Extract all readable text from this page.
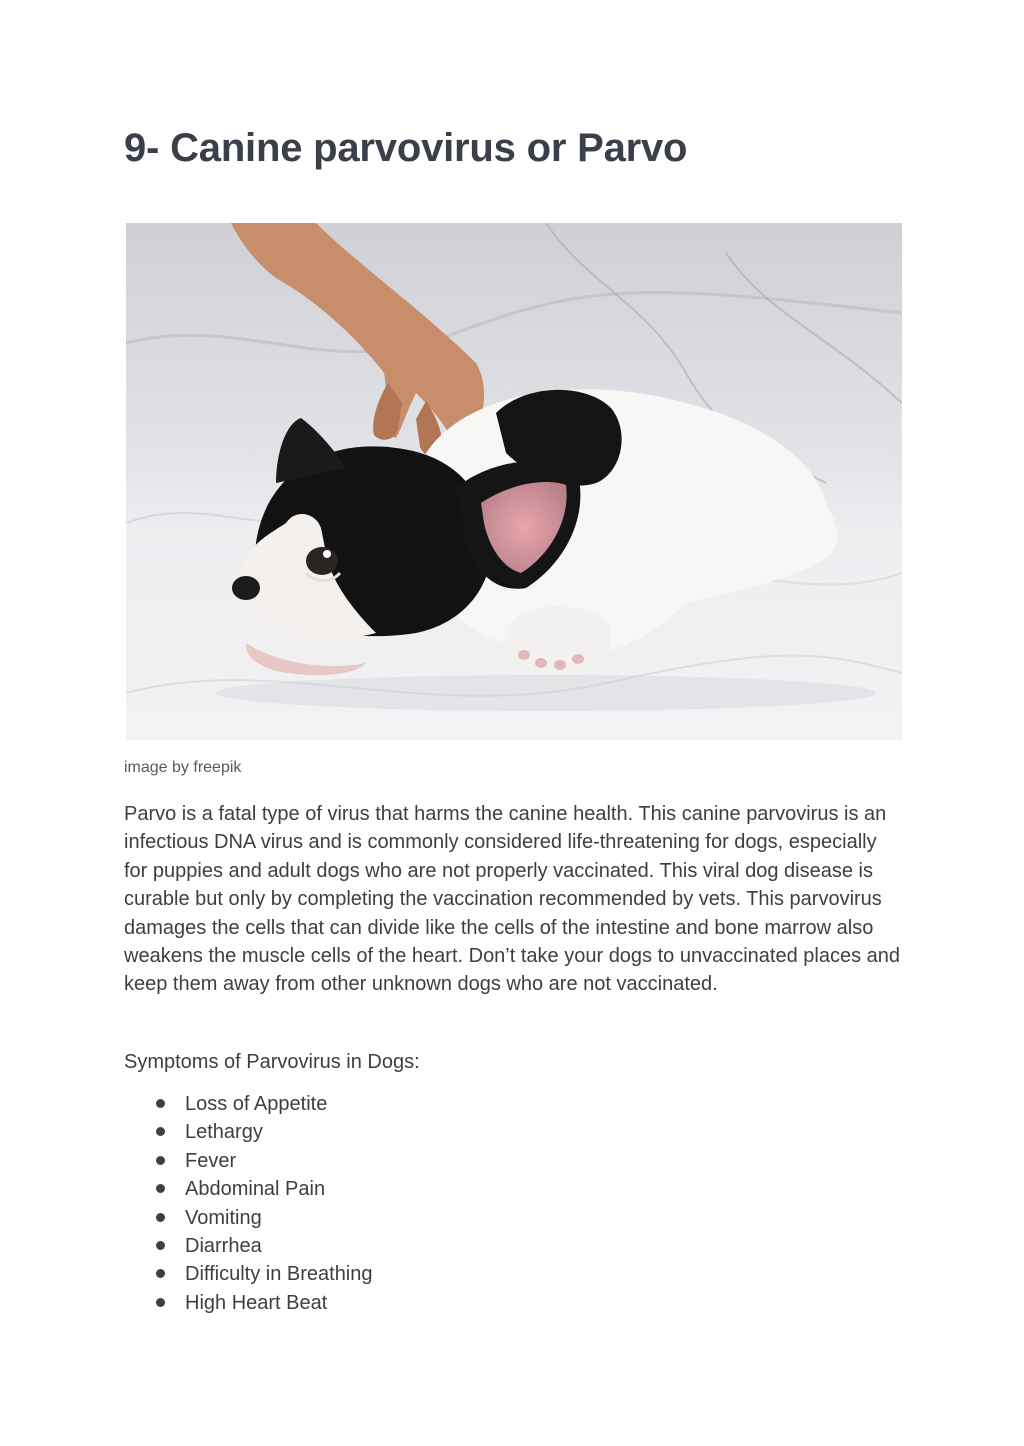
9- Canine parvovirus or Parvo

image by freepik

Parvo is a fatal type of virus that harms the canine health. This canine parvovirus is an infectious DNA virus and is commonly considered life-threatening for dogs, especially for puppies and adult dogs who are not properly vaccinated. This viral dog disease is curable but only by completing the vaccination recommended by vets. This parvovirus damages the cells that can divide like the cells of the intestine and bone marrow also weakens the muscle cells of the heart. Don’t take your dogs to unvaccinated places and keep them away from other unknown dogs who are not vaccinated.

Symptoms of Parvovirus in Dogs:

Loss of Appetite
Lethargy
Fever
Abdominal Pain
Vomiting
Diarrhea
Difficulty in Breathing
High Heart Beat
